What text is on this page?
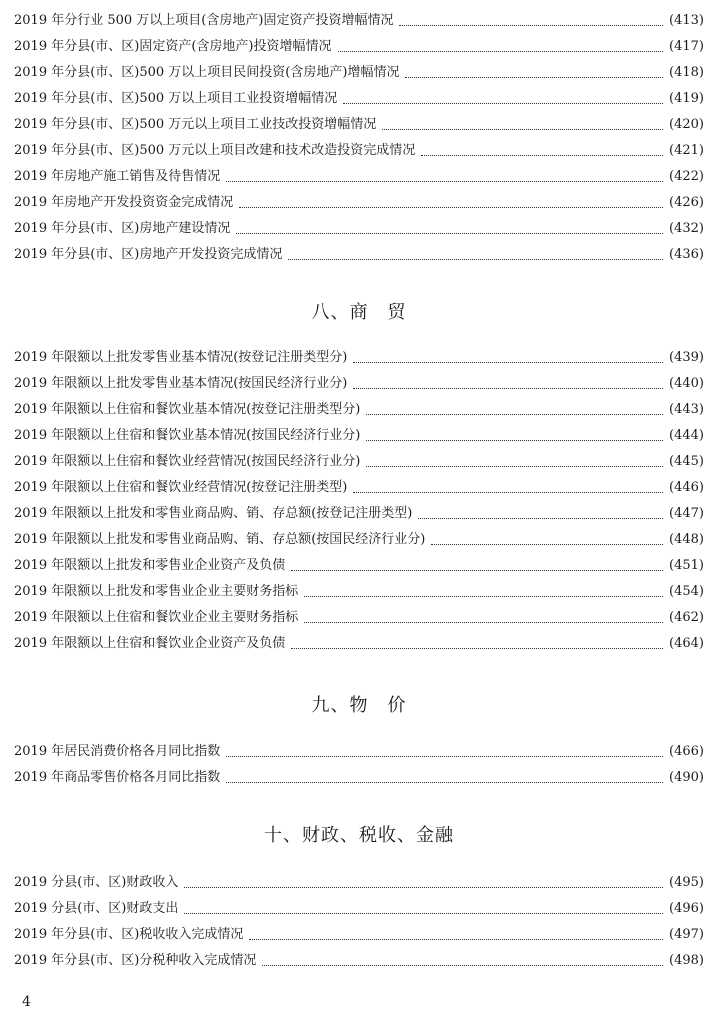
2019 年分行业 500 万以上项目(含房地产)固定资产投资增幅情况	(413)
2019 年分县(市、区)固定资产(含房地产)投资增幅情况	(417)
2019 年分县(市、区)500 万以上项目民间投资(含房地产)增幅情况	(418)
2019 年分县(市、区)500 万以上项目工业投资增幅情况	(419)
2019 年分县(市、区)500 万元以上项目工业技改投资增幅情况	(420)
2019 年分县(市、区)500 万元以上项目改建和技术改造投资完成情况	(421)
2019 年房地产施工销售及待售情况	(422)
2019 年房地产开发投资资金完成情况	(426)
2019 年分县(市、区)房地产建设情况	(432)
2019 年分县(市、区)房地产开发投资完成情况	(436)
八、商　贸
2019 年限额以上批发零售业基本情况(按登记注册类型分)	(439)
2019 年限额以上批发零售业基本情况(按国民经济行业分)	(440)
2019 年限额以上住宿和餐饮业基本情况(按登记注册类型分)	(443)
2019 年限额以上住宿和餐饮业基本情况(按国民经济行业分)	(444)
2019 年限额以上住宿和餐饮业经营情况(按国民经济行业分)	(445)
2019 年限额以上住宿和餐饮业经营情况(按登记注册类型)	(446)
2019 年限额以上批发和零售业商品购、销、存总额(按登记注册类型)	(447)
2019 年限额以上批发和零售业商品购、销、存总额(按国民经济行业分)	(448)
2019 年限额以上批发和零售业企业资产及负债	(451)
2019 年限额以上批发和零售业企业主要财务指标	(454)
2019 年限额以上住宿和餐饮业企业主要财务指标	(462)
2019 年限额以上住宿和餐饮业企业资产及负债	(464)
九、物　价
2019 年居民消费价格各月同比指数	(466)
2019 年商品零售价格各月同比指数	(490)
十、财政、税收、金融
2019 分县(市、区)财政收入	(495)
2019 分县(市、区)财政支出	(496)
2019 年分县(市、区)税收收入完成情况	(497)
2019 年分县(市、区)分税种收入完成情况	(498)
4
